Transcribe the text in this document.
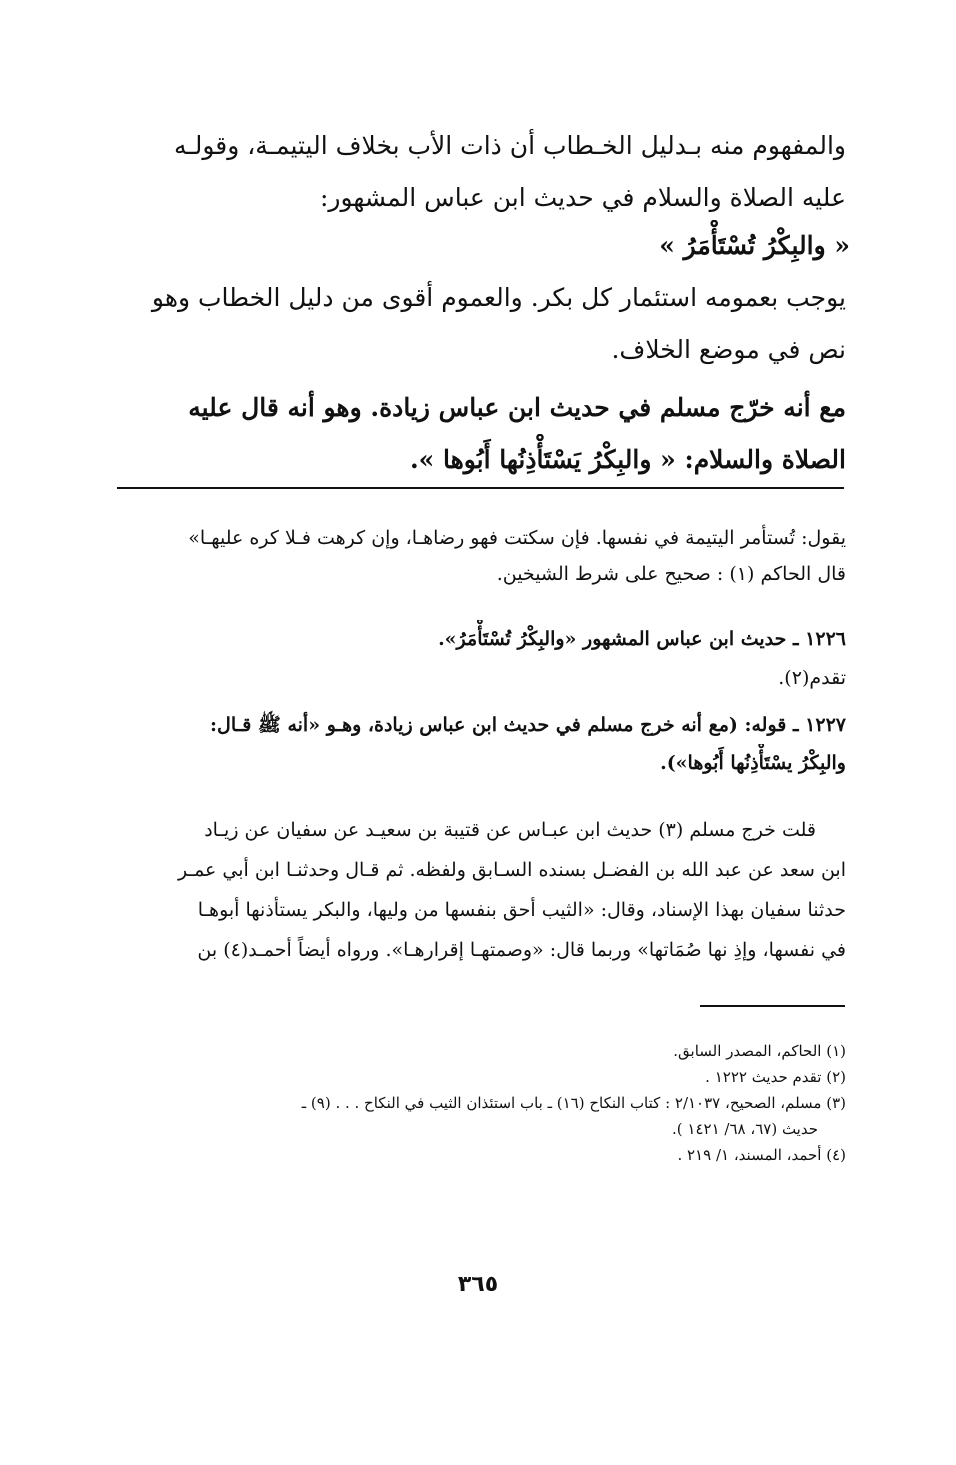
والمفهوم منه بـدليل الخـطاب أن ذات الأب بخلاف اليتيمـة، وقولـه
عليه الصلاة والسلام في حديث ابن عباس المشهور:
« والبِكْرُ تُسْتَأْمَرُ »
يوجب بعمومه استئمار كل بكر. والعموم أقوى من دليل الخطاب وهو
نص في موضع الخلاف.
مع أنه خرّج مسلم في حديث ابن عباس زيادة. وهو أنه قال عليه
الصلاة والسلام: « والبِكْرُ يَسْتَأْذِنُها أَبُوها ».
يقول: تُستأمر اليتيمة في نفسها. فإن سكتت فهو رضاهـا، وإن كرهت فـلا كره عليهـا»
قال الحاكم (١) : صحيح على شرط الشيخين.
١٢٢٦ ـ حديث ابن عباس المشهور «والبِكْرُ تُسْتَأْمَرُ».
تقدم(٢).
١٢٢٧ ـ قوله: (مع أنه خرج مسلم في حديث ابن عباس زيادة، وهـو «أنه ﷺ قـال:
والبِكْرُ يسْتَأْذِنُها أَبُوها»).
قلت خرج مسلم (٣) حديث ابن عبـاس عن قتيبة بن سعيـد عن سفيان عن زيـاد
ابن سعد عن عبد الله بن الفضـل بسنده السـابق ولفظه. ثم قـال وحدثنـا ابن أبي عمـر
حدثنا سفيان بهذا الإسناد، وقال: «الثيب أحق بنفسها من وليها، والبكر يستأذنها أبوهـا
في نفسها، وإذِ نها صُمَاتها» وربما قال: «وصمتهـا إقرارهـا». ورواه أيضاً أحمـد(٤) بن
(١) الحاكم، المصدر السابق.
(٢) تقدم حديث ١٢٢٢ .
(٣) مسلم، الصحيح، ٢/١٠٣٧ : كتاب النكاح (١٦) ـ باب استئذان الثيب في النكاح . . . (٩) ـ
حديث (٦٧، ٦٨/ ١٤٢١ ).
(٤) أحمد، المسند، ١/ ٢١٩ .
٣٦٥
